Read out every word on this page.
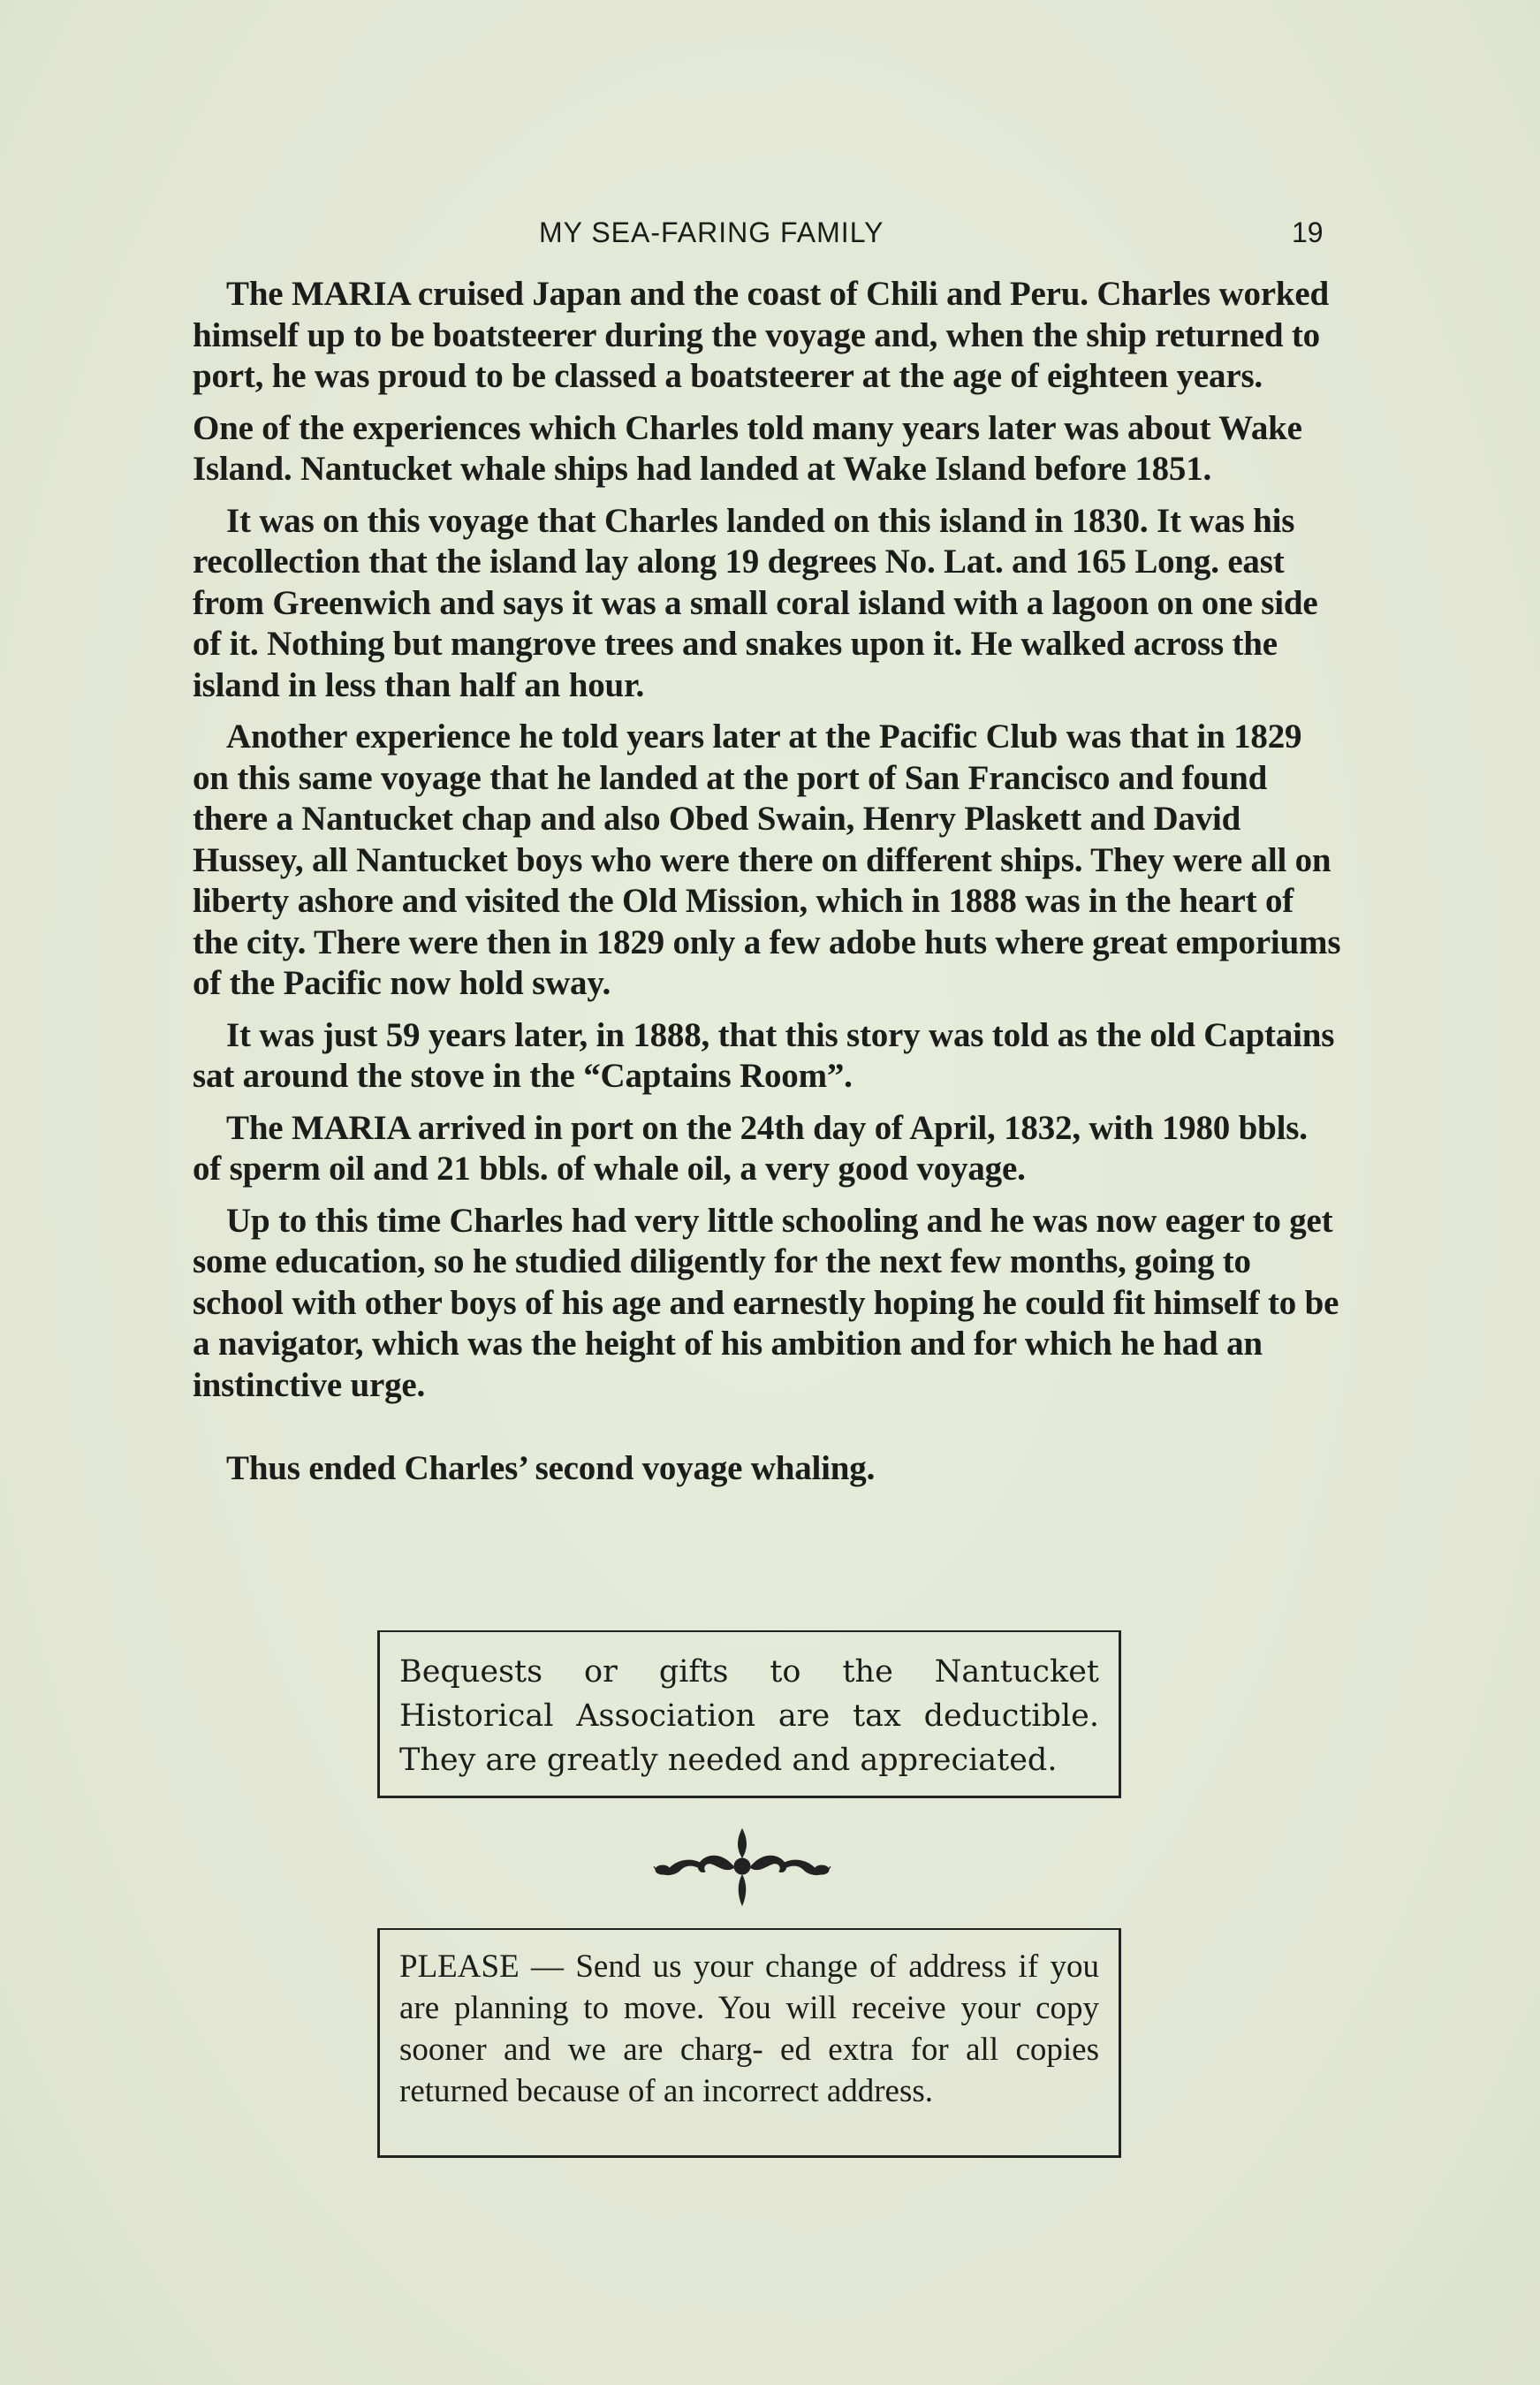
MY SEA-FARING FAMILY	19

The MARIA cruised Japan and the coast of Chili and Peru. Charles worked himself up to be boatsteerer during the voyage and, when the ship returned to port, he was proud to be classed a boatsteerer at the age of eighteen years.

One of the experiences which Charles told many years later was about Wake Island. Nantucket whale ships had landed at Wake Island before 1851.

It was on this voyage that Charles landed on this island in 1830. It was his recollection that the island lay along 19 degrees No. Lat. and 165 Long. east from Greenwich and says it was a small coral island with a lagoon on one side of it. Nothing but mangrove trees and snakes upon it. He walked across the island in less than half an hour.

Another experience he told years later at the Pacific Club was that in 1829 on this same voyage that he landed at the port of San Francisco and found there a Nantucket chap and also Obed Swain, Henry Plaskett and David Hussey, all Nantucket boys who were there on different ships. They were all on liberty ashore and visited the Old Mission, which in 1888 was in the heart of the city. There were then in 1829 only a few adobe huts where great emporiums of the Pacific now hold sway.

It was just 59 years later, in 1888, that this story was told as the old Captains sat around the stove in the “Captains Room”.

The MARIA arrived in port on the 24th day of April, 1832, with 1980 bbls. of sperm oil and 21 bbls. of whale oil, a very good voyage.

Up to this time Charles had very little schooling and he was now eager to get some education, so he studied diligently for the next few months, going to school with other boys of his age and earnestly hoping he could fit himself to be a navigator, which was the height of his ambition and for which he had an instinctive urge.

Thus ended Charles’ second voyage whaling.

Bequests or gifts to the Nantucket Historical Association are tax deductible. They are greatly needed and appreciated.
PLEASE — Send us your change of address if you are planning to move. You will receive your copy sooner and we are charg- ed extra for all copies returned because of an incorrect address.
